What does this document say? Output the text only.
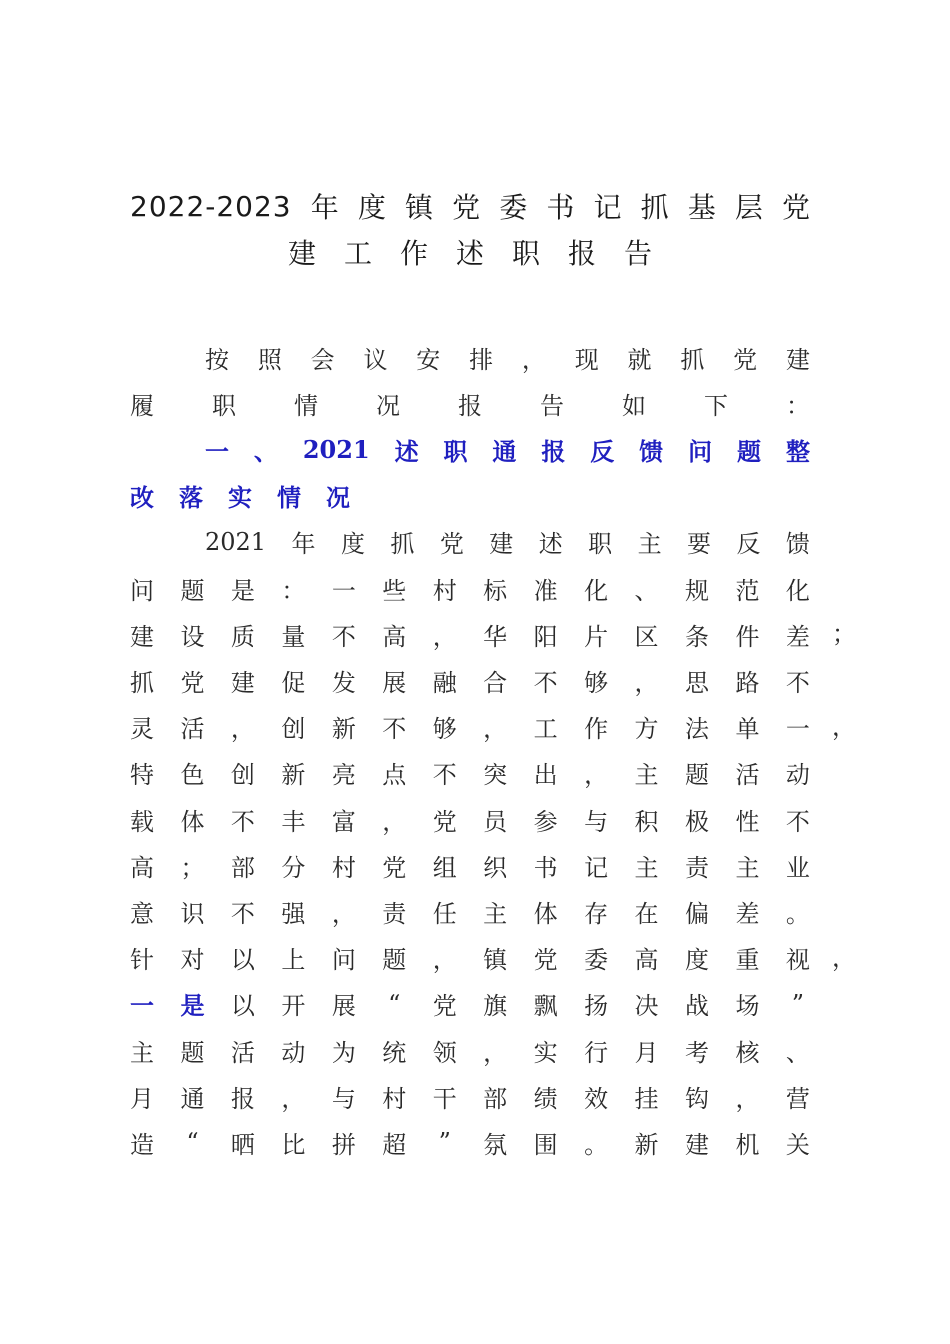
2022-2023 年 度 镇 党 委 书 记 抓 基 层 党
建 工 作 述 职 报 告
按 照 会 议 安 排 ， 现 就 抓 党 建
履 职 情 况 报 告 如 下 ：
一 、 2021 述 职 通 报 反 馈 问 题 整
改 落 实 情 况
2021 年 度 抓 党 建 述 职 主 要 反 馈
问 题 是 ： 一 些 村 标 准 化 、 规 范 化
建 设 质 量 不 高 ， 华 阳 片 区 条 件 差 ；
抓 党 建 促 发 展 融 合 不 够 ， 思 路 不
灵 活 ， 创 新 不 够 ， 工 作 方 法 单 一 ，
特 色 创 新 亮 点 不 突 出 ， 主 题 活 动
载 体 不 丰 富 ， 党 员 参 与 积 极 性 不
高 ； 部 分 村 党 组 织 书 记 主 责 主 业
意 识 不 强 ， 责 任 主 体 存 在 偏 差 。
针 对 以 上 问 题 ， 镇 党 委 高 度 重 视 ，
一 是 以 开 展 “ 党 旗 飘 扬 决 战 场 ”
主 题 活 动 为 统 领 ， 实 行 月 考 核 、
月 通 报 ， 与 村 干 部 绩 效 挂 钩 ， 营
造 “ 晒 比 拼 超 ” 氛 围 。 新 建 机 关
